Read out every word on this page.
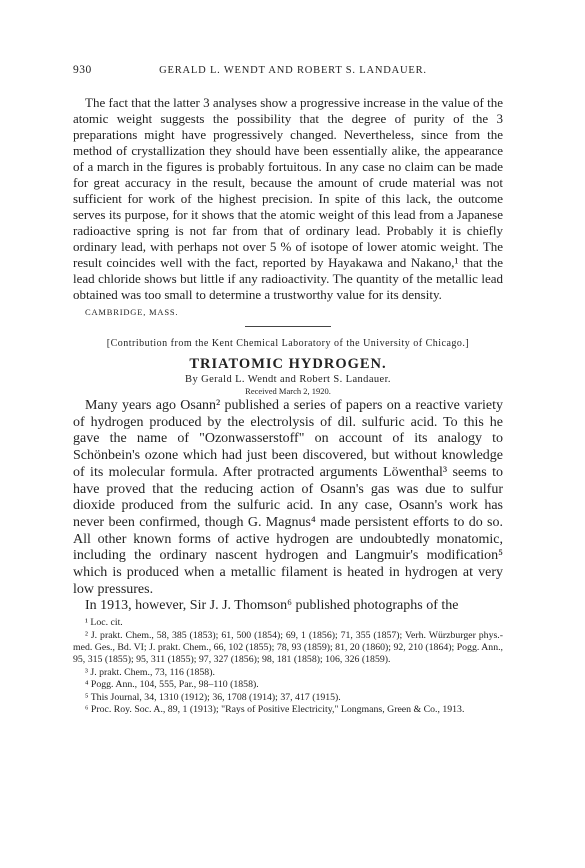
930	GERALD L. WENDT AND ROBERT S. LANDAUER.

The fact that the latter 3 analyses show a progressive increase in the value of the atomic weight suggests the possibility that the degree of purity of the 3 preparations might have progressively changed. Nevertheless, since from the method of crystallization they should have been essentially alike, the appearance of a march in the figures is probably fortuitous. In any case no claim can be made for great accuracy in the result, because the amount of crude material was not sufficient for work of the highest precision. In spite of this lack, the outcome serves its purpose, for it shows that the atomic weight of this lead from a Japanese radioactive spring is not far from that of ordinary lead. Probably it is chiefly ordinary lead, with perhaps not over 5 % of isotope of lower atomic weight. The result coincides well with the fact, reported by Hayakawa and Nakano,¹ that the lead chloride shows but little if any radioactivity. The quantity of the metallic lead obtained was too small to determine a trustworthy value for its density.

CAMBRIDGE, MASS.

[Contribution from the Kent Chemical Laboratory of the University of Chicago.]

TRIATOMIC HYDROGEN.

By Gerald L. Wendt and Robert S. Landauer.

Received March 2, 1920.

Many years ago Osann² published a series of papers on a reactive variety of hydrogen produced by the electrolysis of dil. sulfuric acid. To this he gave the name of "Ozonwasserstoff" on account of its analogy to Schönbein's ozone which had just been discovered, but without knowledge of its molecular formula. After protracted arguments Löwenthal³ seems to have proved that the reducing action of Osann's gas was due to sulfur dioxide produced from the sulfuric acid. In any case, Osann's work has never been confirmed, though G. Magnus⁴ made persistent efforts to do so. All other known forms of active hydrogen are undoubtedly monatomic, including the ordinary nascent hydrogen and Langmuir's modification⁵ which is produced when a metallic filament is heated in hydrogen at very low pressures.

In 1913, however, Sir J. J. Thomson⁶ published photographs of the

¹ Loc. cit.

² J. prakt. Chem., 58, 385 (1853); 61, 500 (1854); 69, 1 (1856); 71, 355 (1857); Verh. Würzburger phys.-med. Ges., Bd. VI; J. prakt. Chem., 66, 102 (1855); 78, 93 (1859); 81, 20 (1860); 92, 210 (1864); Pogg. Ann., 95, 315 (1855); 95, 311 (1855); 97, 327 (1856); 98, 181 (1858); 106, 326 (1859).

³ J. prakt. Chem., 73, 116 (1858).

⁴ Pogg. Ann., 104, 555, Par., 98–110 (1858).

⁵ This Journal, 34, 1310 (1912); 36, 1708 (1914); 37, 417 (1915).

⁶ Proc. Roy. Soc. A., 89, 1 (1913); "Rays of Positive Electricity," Longmans, Green & Co., 1913.
